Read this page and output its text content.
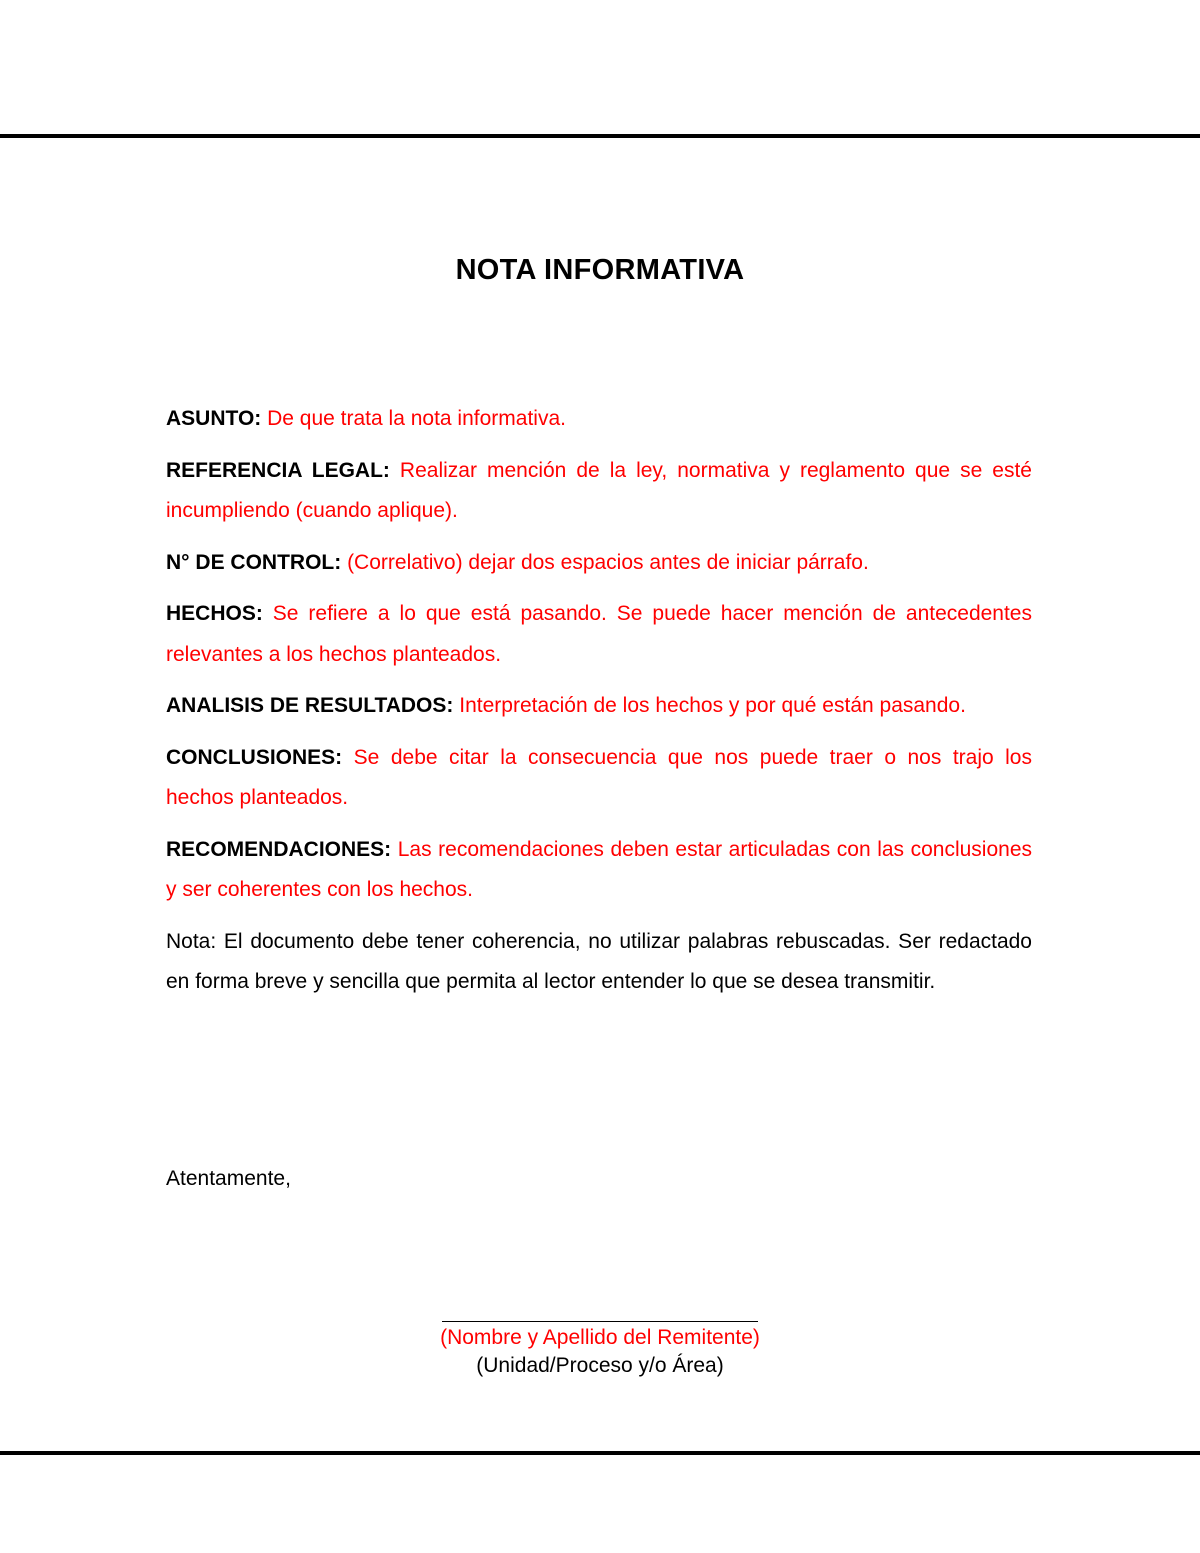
NOTA INFORMATIVA

ASUNTO: De que trata la nota informativa.

REFERENCIA LEGAL: Realizar mención de la ley, normativa y reglamento que se esté incumpliendo (cuando aplique).

N° DE CONTROL: (Correlativo) dejar dos espacios antes de iniciar párrafo.

HECHOS: Se refiere a lo que está pasando. Se puede hacer mención de antecedentes relevantes a los hechos planteados.

ANALISIS DE RESULTADOS: Interpretación de los hechos y por qué están pasando.

CONCLUSIONES: Se debe citar la consecuencia que nos puede traer o nos trajo los hechos planteados.

RECOMENDACIONES: Las recomendaciones deben estar articuladas con las conclusiones y ser coherentes con los hechos.

Nota: El documento debe tener coherencia, no utilizar palabras rebuscadas. Ser redactado en forma breve y sencilla que permita al lector entender lo que se desea transmitir.

Atentamente,
(Nombre y Apellido del Remitente)
(Unidad/Proceso y/o Área)
